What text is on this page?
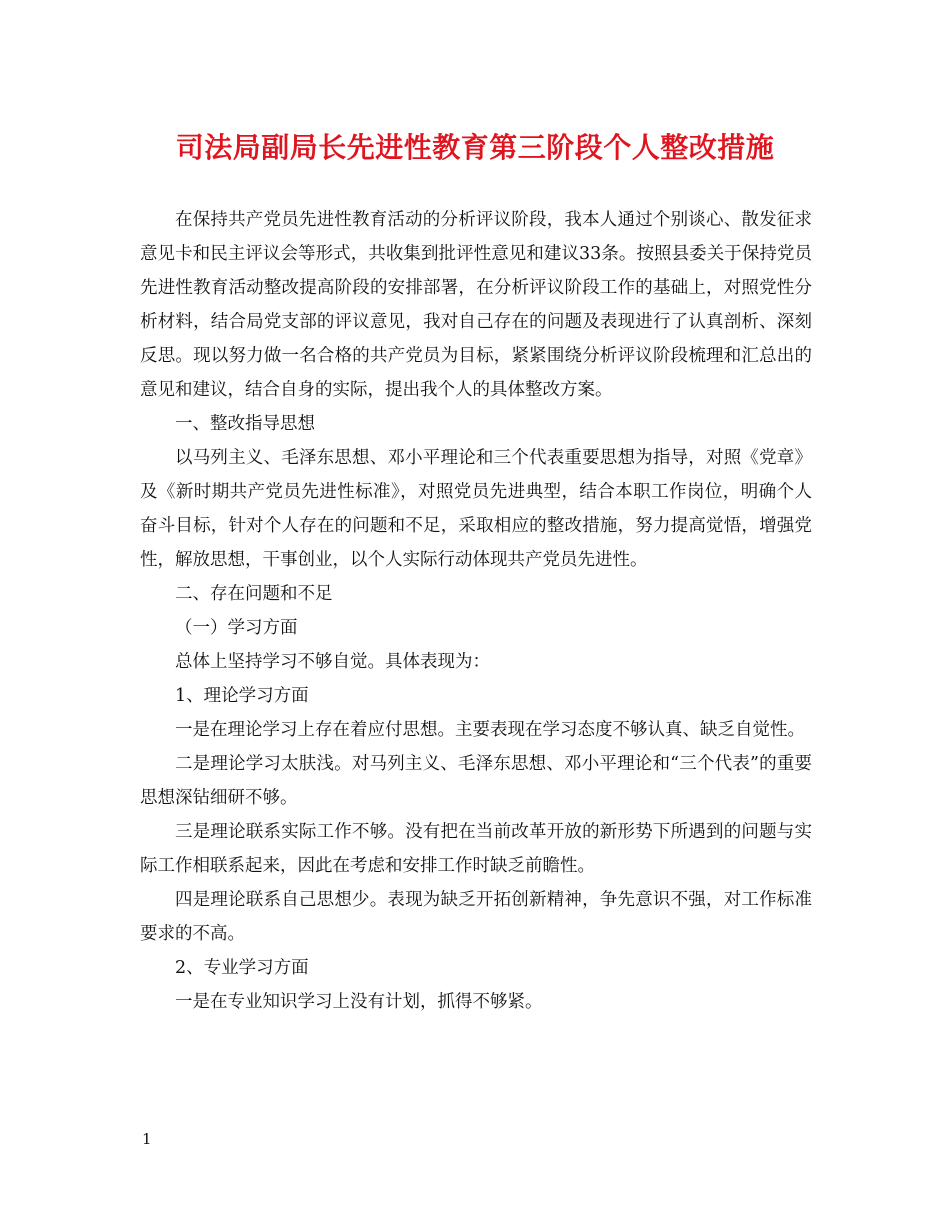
司法局副局长先进性教育第三阶段个人整改措施

在保持共产党员先进性教育活动的分析评议阶段，我本人通过个别谈心、散发征求意见卡和民主评议会等形式，共收集到批评性意见和建议33条。按照县委关于保持党员先进性教育活动整改提高阶段的安排部署，在分析评议阶段工作的基础上，对照党性分析材料，结合局党支部的评议意见，我对自己存在的问题及表现进行了认真剖析、深刻反思。现以努力做一名合格的共产党员为目标，紧紧围绕分析评议阶段梳理和汇总出的意见和建议，结合自身的实际，提出我个人的具体整改方案。

一、整改指导思想

以马列主义、毛泽东思想、邓小平理论和三个代表重要思想为指导，对照《党章》及《新时期共产党员先进性标准》，对照党员先进典型，结合本职工作岗位，明确个人奋斗目标，针对个人存在的问题和不足，采取相应的整改措施，努力提高觉悟，增强党性，解放思想，干事创业，以个人实际行动体现共产党员先进性。

二、存在问题和不足

（一）学习方面

总体上坚持学习不够自觉。具体表现为：

1、理论学习方面

一是在理论学习上存在着应付思想。主要表现在学习态度不够认真、缺乏自觉性。

二是理论学习太肤浅。对马列主义、毛泽东思想、邓小平理论和“三个代表”的重要思想深钻细研不够。

三是理论联系实际工作不够。没有把在当前改革开放的新形势下所遇到的问题与实际工作相联系起来，因此在考虑和安排工作时缺乏前瞻性。

四是理论联系自己思想少。表现为缺乏开拓创新精神，争先意识不强，对工作标准要求的不高。

2、专业学习方面

一是在专业知识学习上没有计划，抓得不够紧。

1
